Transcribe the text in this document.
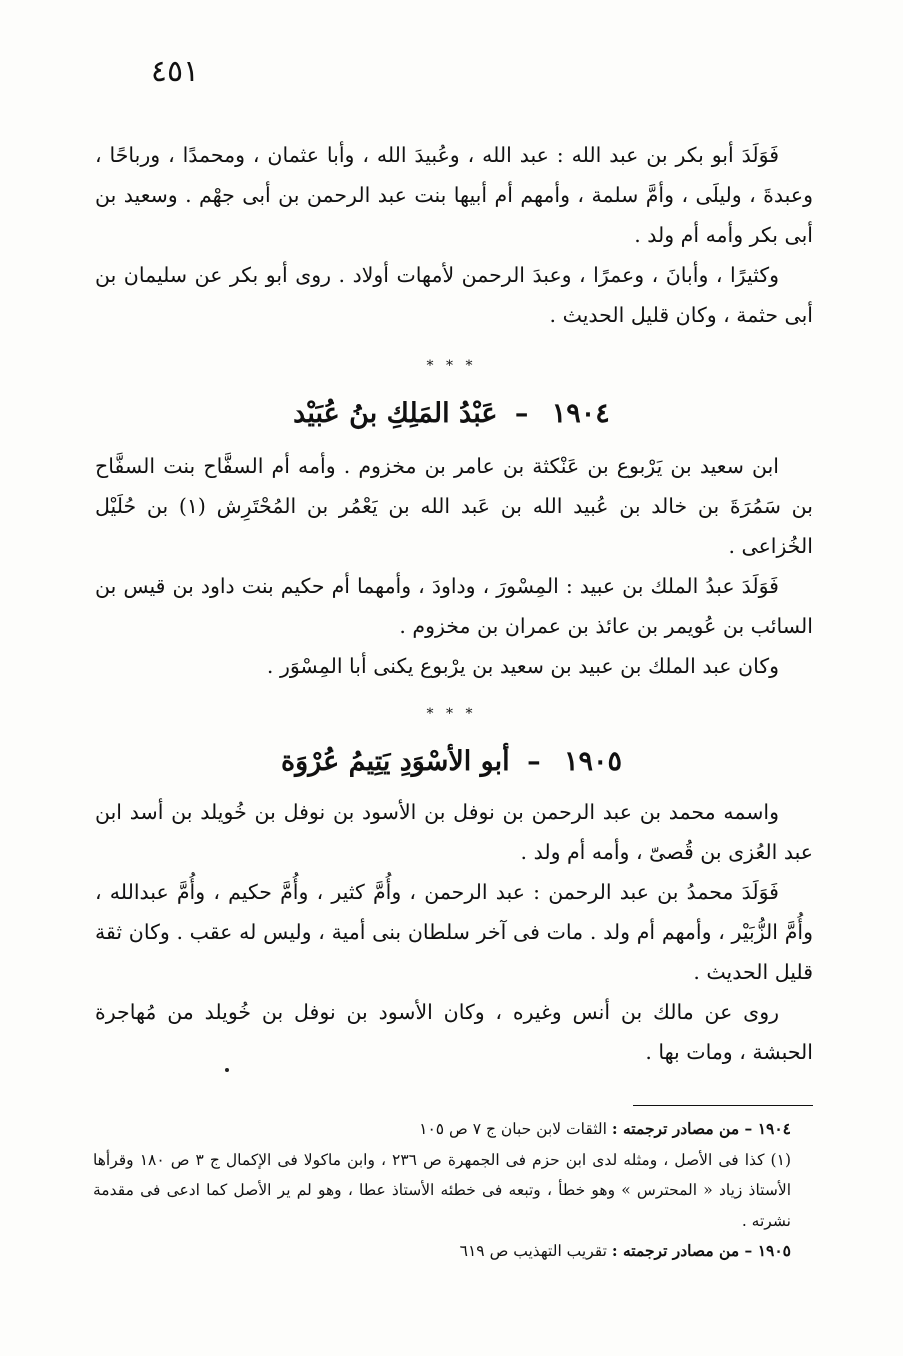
٤٥١

فَوَلَدَ أبو بكر بن عبد الله : عبد الله ، وعُبيدَ الله ، وأبا عثمان ، ومحمدًا ، ورباحًا ، وعبدةَ ، وليلَى ، وأمَّ سلمة ، وأمهم أم أبيها بنت عبد الرحمن بن أبى جهْم . وسعيد بن أبى بكر وأمه أم ولد .

وكثيرًا ، وأبانَ ، وعمرًا ، وعبدَ الرحمن لأمهات أولاد . روى أبو بكر عن سليمان بن أبى حثمة ، وكان قليل الحديث .

* * *
١٩٠٤ – عَبْدُ المَلِكِ بنُ عُبَيْد

ابن سعيد بن يَرْبوع بن عَنْكثة بن عامر بن مخزوم . وأمه أم السفَّاح بنت السفَّاح بن سَمُرَةَ بن خالد بن عُبيد الله بن عَبد الله بن يَعْمُر بن المُحْتَرِش (١) بن حُلَيْل الخُزاعى .

فَوَلَدَ عبدُ الملك بن عبيد : المِسْورَ ، وداودَ ، وأمهما أم حكيم بنت داود بن قيس بن السائب بن عُويمر بن عائذ بن عمران بن مخزوم .

وكان عبد الملك بن عبيد بن سعيد بن يرْبوع يكنى أبا المِسْوَر .

* * *
١٩٠٥ – أبو الأسْوَدِ يَتِيمُ عُرْوَة

واسمه محمد بن عبد الرحمن بن نوفل بن الأسود بن نوفل بن خُويلد بن أسد ابن عبد العُزى بن قُصىّ ، وأمه أم ولد .

فَوَلَدَ محمدُ بن عبد الرحمن : عبد الرحمن ، وأُمَّ كثير ، وأُمَّ حكيم ، وأُمَّ عبدالله ، وأُمَّ الزُّبَيْر ، وأمهم أم ولد . مات فى آخر سلطان بنى أمية ، وليس له عقب . وكان ثقة قليل الحديث .

روى عن مالك بن أنس وغيره ، وكان الأسود بن نوفل بن خُويلد من مُهاجرة الحبشة ، ومات بها .

١٩٠٤ – من مصادر ترجمته : الثقات لابن حبان ج ٧ ص ١٠٥

(١) كذا فى الأصل ، ومثله لدى ابن حزم فى الجمهرة ص ٢٣٦ ، وابن ماكولا فى الإكمال ج ٣ ص ١٨٠ وقرأها الأستاذ زياد « المحترس » وهو خطأ ، وتبعه فى خطئه الأستاذ عطا ، وهو لم ير الأصل كما ادعى فى مقدمة نشرته .

١٩٠٥ – من مصادر ترجمته : تقريب التهذيب ص ٦١٩
